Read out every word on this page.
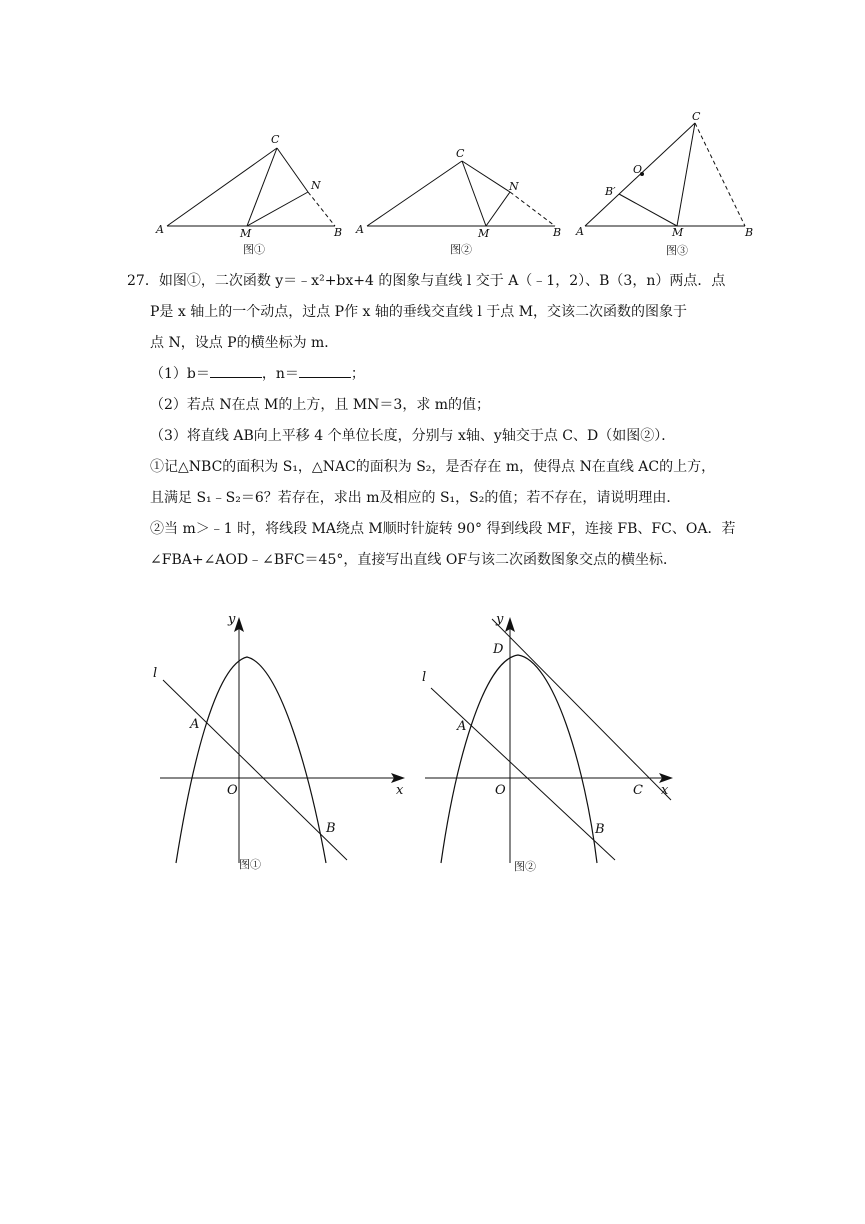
A	B
C
M
N
图①
A	B
C
M
N
图②
A	B
C
M
O
B′
图③
27．如图①，二次函数 y＝﹣x²+bx+4 的图象与直线 l 交于 A（﹣1，2）、B（3，n）两点．点
P是 x 轴上的一个动点，过点 P作 x 轴的垂线交直线 l 于点 M，交该二次函数的图象于
点 N，设点 P的横坐标为 m．
（1）b＝	，n＝	；
（2）若点 N在点 M的上方，且 MN＝3，求 m的值；
（3）将直线 AB向上平移 4 个单位长度，分别与 x轴、y轴交于点 C、D（如图②）．
①记△NBC的面积为 S₁，△NAC的面积为 S₂，是否存在 m，使得点 N在直线 AC的上方，
且满足 S₁﹣S₂＝6？若存在，求出 m及相应的 S₁，S₂的值；若不存在，请说明理由．
②当 m＞﹣1 时，将线段 MA绕点 M顺时针旋转 90° 得到线段 MF，连接 FB、FC、OA．若
∠FBA+∠AOD﹣∠BFC＝45°，直接写出直线 OF与该二次函数图象交点的横坐标．
y
x
O
A
B
l
图①
y
x
O
A
B
C
D
l
图②
